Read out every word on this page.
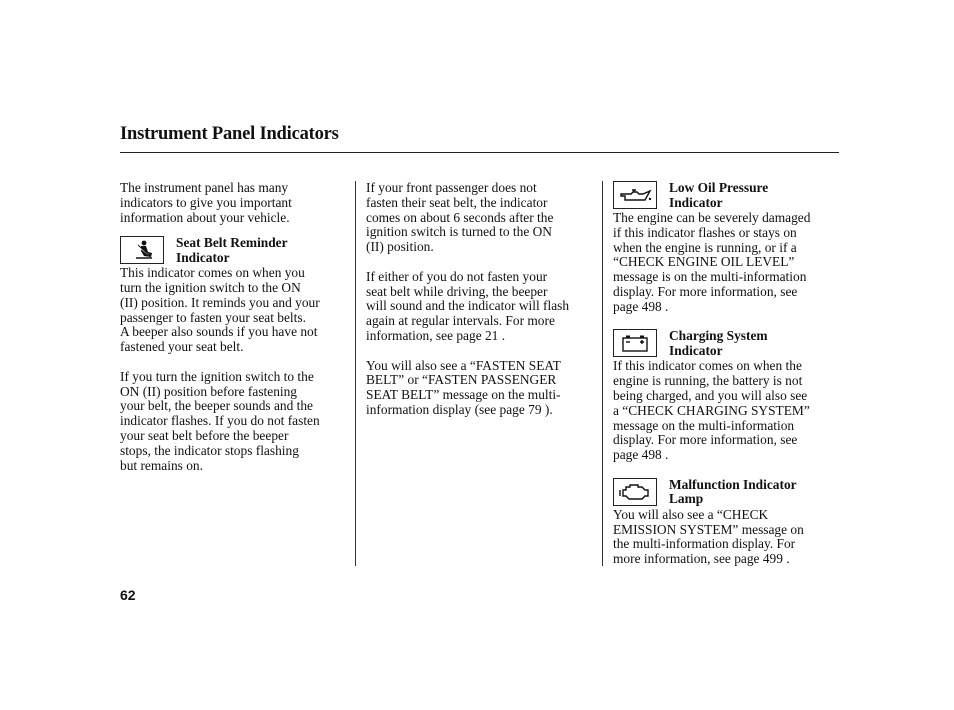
Instrument Panel Indicators

The instrument panel has many
indicators to give you important
information about your vehicle.

Seat Belt Reminder
Indicator

This indicator comes on when you
turn the ignition switch to the ON
(II) position. It reminds you and your
passenger to fasten your seat belts.
A beeper also sounds if you have not
fastened your seat belt.

If you turn the ignition switch to the
ON (II) position before fastening
your belt, the beeper sounds and the
indicator flashes. If you do not fasten
your seat belt before the beeper
stops, the indicator stops flashing
but remains on.

If your front passenger does not
fasten their seat belt, the indicator
comes on about 6 seconds after the
ignition switch is turned to the ON
(II) position.

If either of you do not fasten your
seat belt while driving, the beeper
will sound and the indicator will flash
again at regular intervals. For more
information, see page 21 .

You will also see a “FASTEN SEAT
BELT” or “FASTEN PASSENGER
SEAT BELT” message on the multi-
information display (see page 79 ).

Low Oil Pressure
Indicator

The engine can be severely damaged
if this indicator flashes or stays on
when the engine is running, or if a
“CHECK ENGINE OIL LEVEL”
message is on the multi-information
display. For more information, see
page 498 .

Charging System
Indicator

If this indicator comes on when the
engine is running, the battery is not
being charged, and you will also see
a “CHECK CHARGING SYSTEM”
message on the multi-information
display. For more information, see
page 498 .

Malfunction Indicator
Lamp

You will also see a “CHECK
EMISSION SYSTEM” message on
the multi-information display. For
more information, see page 499 .

62
